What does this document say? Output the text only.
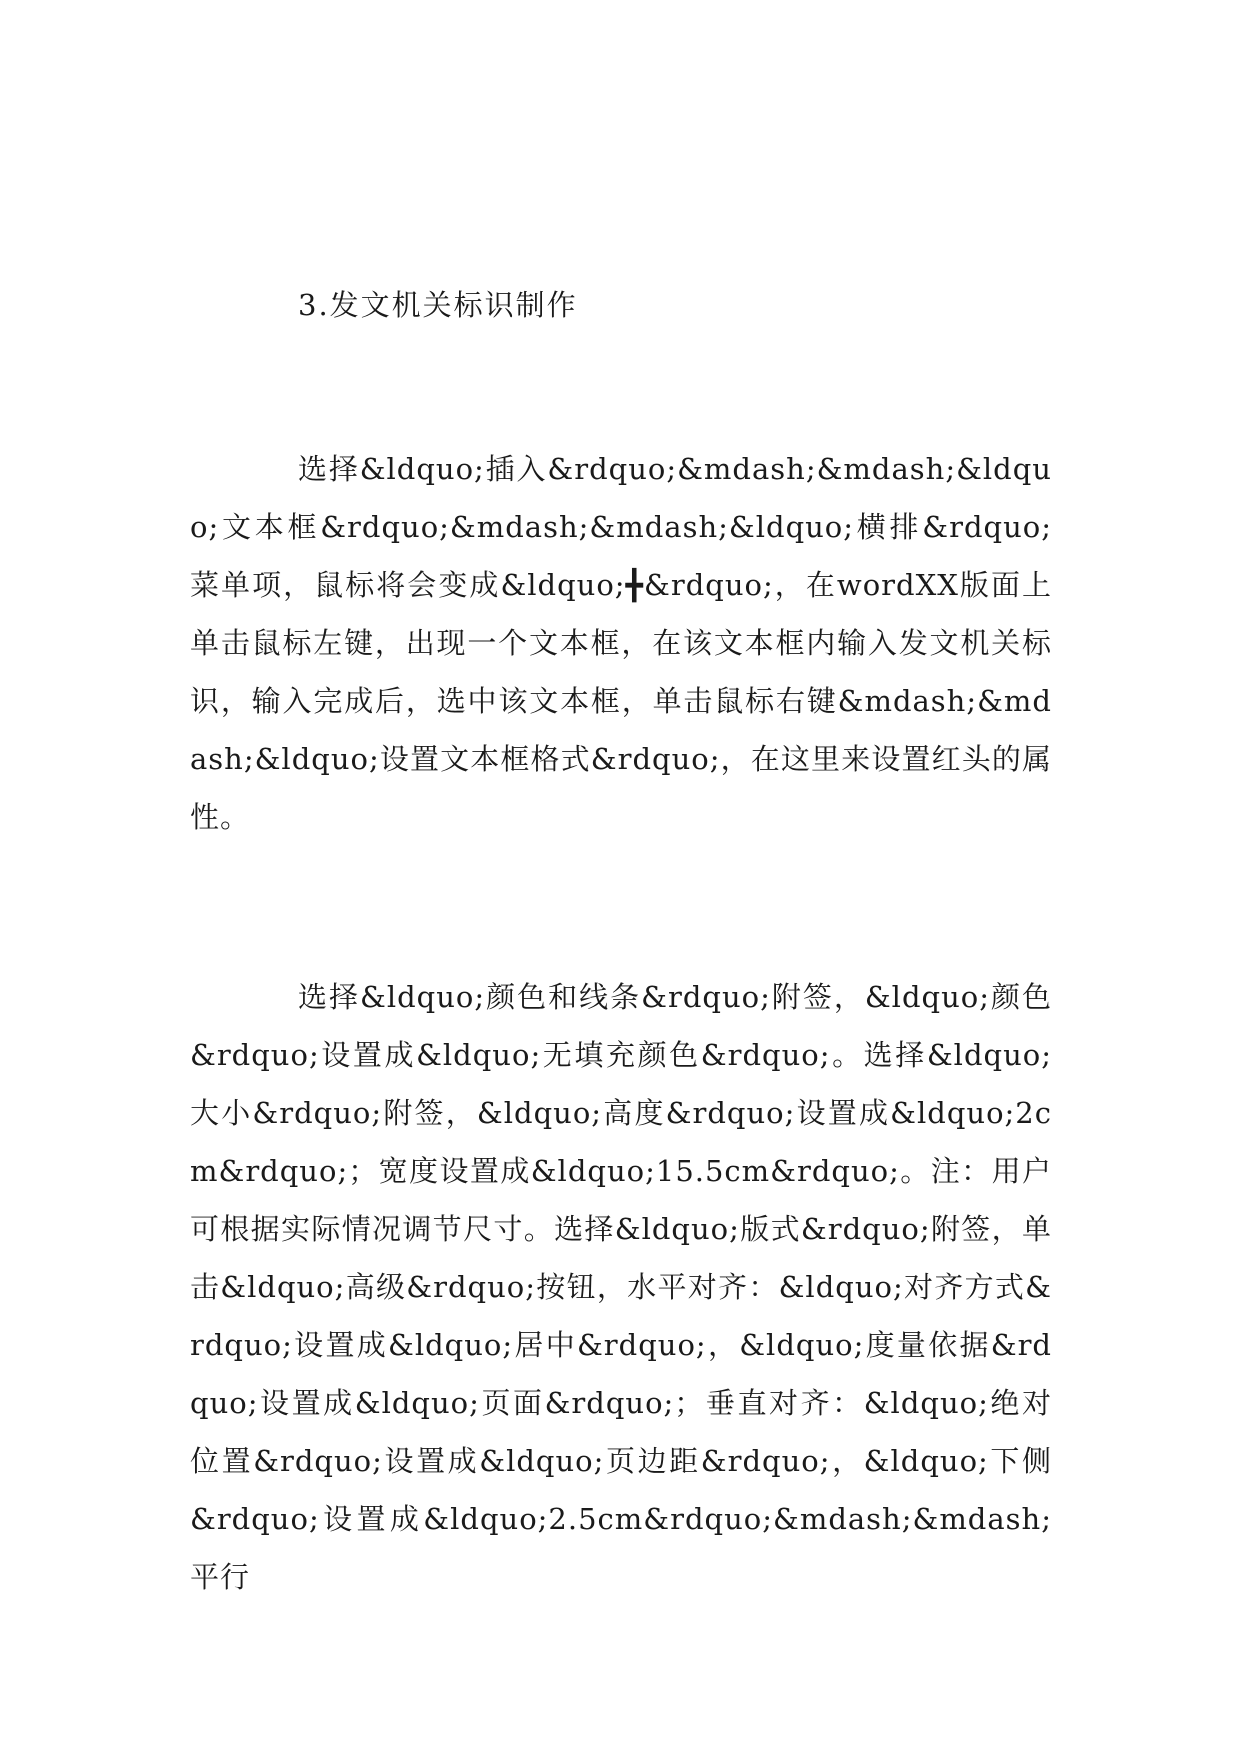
3.发文机关标识制作

选择&ldquo;插入&rdquo;&mdash;&mdash;&ldquo;文本框&rdquo;&mdash;&mdash;&ldquo;横排&rdquo;菜单项，鼠标将会变成&ldquo;╋&rdquo;，在wordXX版面上单击鼠标左键，出现一个文本框，在该文本框内输入发文机关标识，输入完成后，选中该文本框，单击鼠标右键&mdash;&mdash;&ldquo;设置文本框格式&rdquo;，在这里来设置红头的属性。

选择&ldquo;颜色和线条&rdquo;附签，&ldquo;颜色&rdquo;设置成&ldquo;无填充颜色&rdquo;。选择&ldquo;大小&rdquo;附签，&ldquo;高度&rdquo;设置成&ldquo;2cm&rdquo;；宽度设置成&ldquo;15.5cm&rdquo;。注：用户可根据实际情况调节尺寸。选择&ldquo;版式&rdquo;附签，单击&ldquo;高级&rdquo;按钮，水平对齐：&ldquo;对齐方式&rdquo;设置成&ldquo;居中&rdquo;，&ldquo;度量依据&rdquo;设置成&ldquo;页面&rdquo;；垂直对齐：&ldquo;绝对位置&rdquo;设置成&ldquo;页边距&rdquo;，&ldquo;下侧&rdquo;设置成&ldquo;2.5cm&rdquo;&mdash;&mdash;平行
